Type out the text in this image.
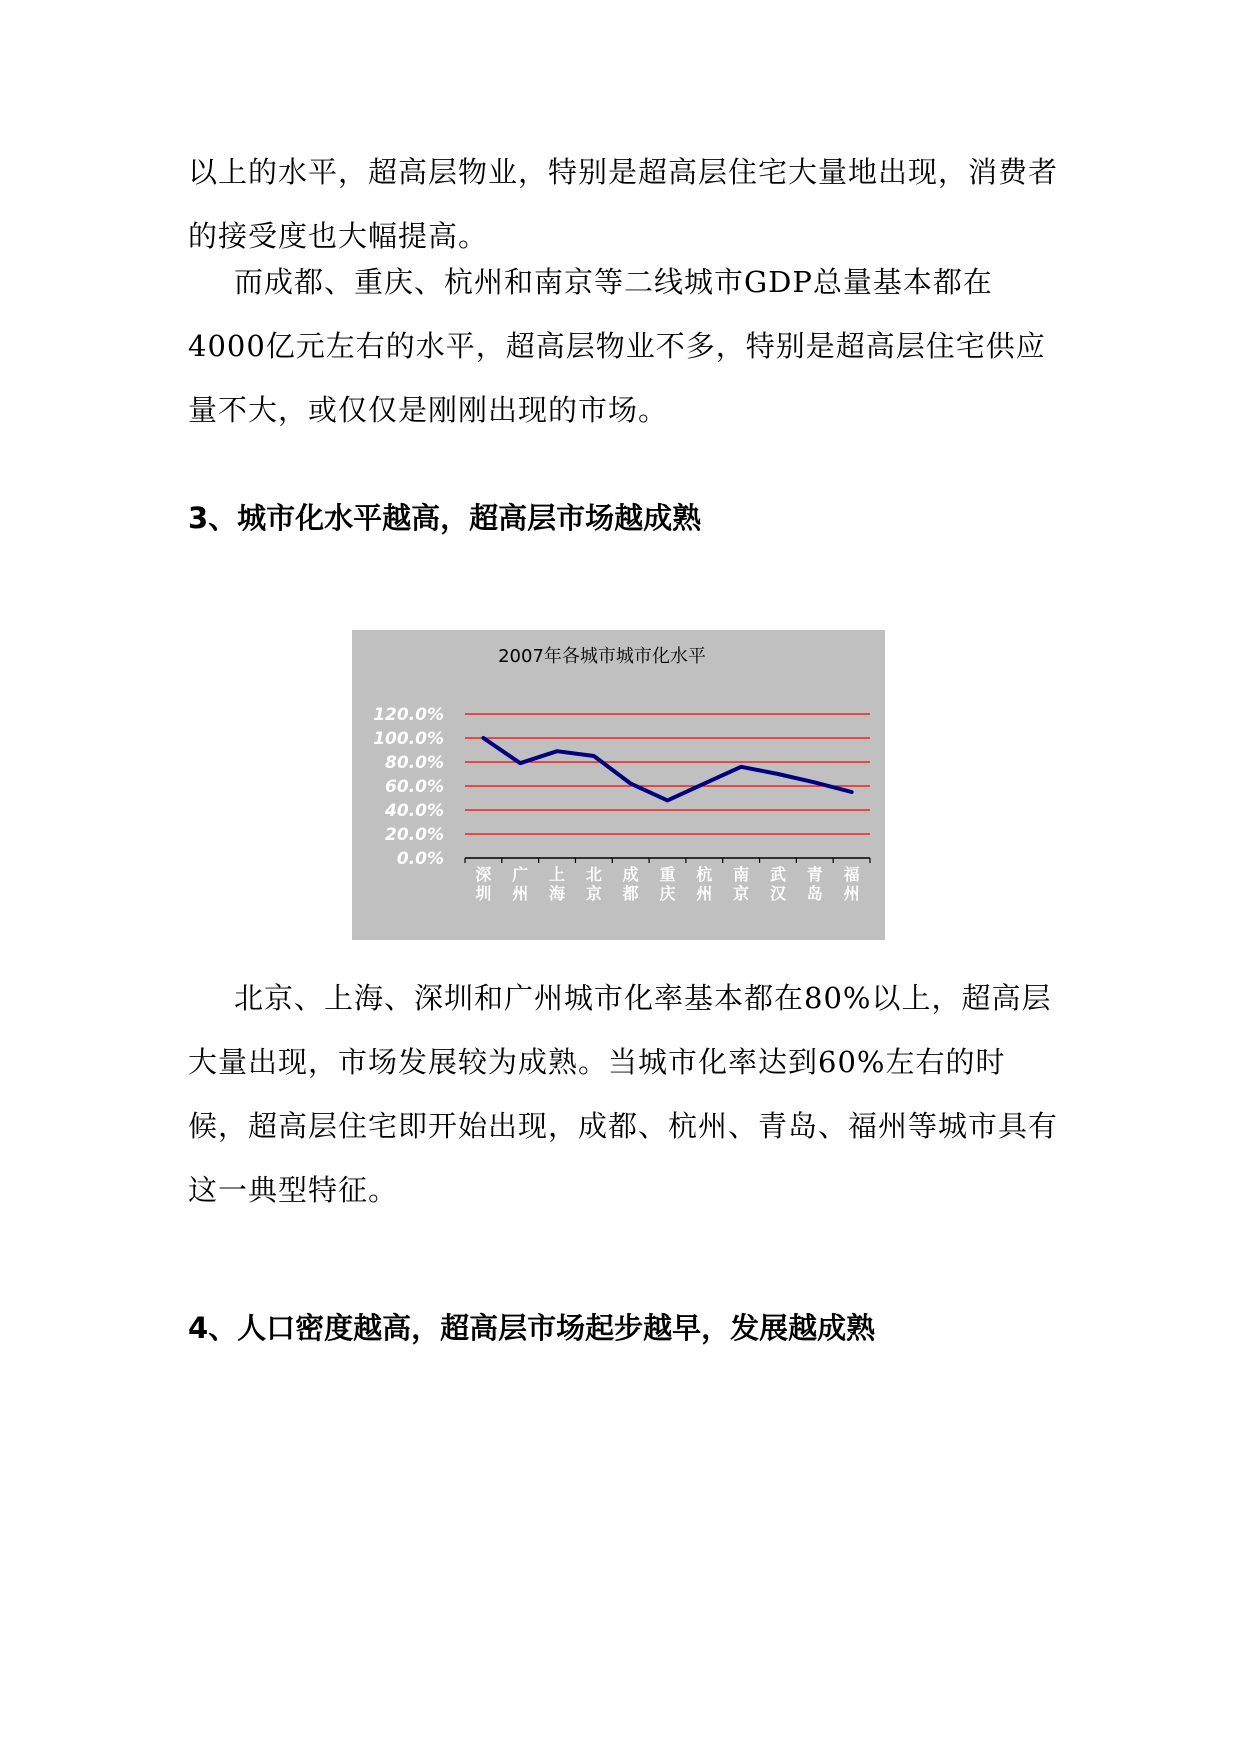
以上的水平，超高层物业，特别是超高层住宅大量地出现，消费者的接受度也大幅提高。

而成都、重庆、杭州和南京等二线城市GDP总量基本都在4000亿元左右的水平，超高层物业不多，特别是超高层住宅供应量不大，或仅仅是刚刚出现的市场。

3、城市化水平越高，超高层市场越成熟
2007年各城市城市化水平
120.0%
100.0%
80.0%
60.0%
40.0%
20.0%
0.0%
深圳
广州
上海
北京
成都
重庆
杭州
南京
武汉
青岛
福州

北京、上海、深圳和广州城市化率基本都在80%以上，超高层大量出现，市场发展较为成熟。当城市化率达到60%左右的时候，超高层住宅即开始出现，成都、杭州、青岛、福州等城市具有这一典型特征。

4、人口密度越高，超高层市场起步越早，发展越成熟
